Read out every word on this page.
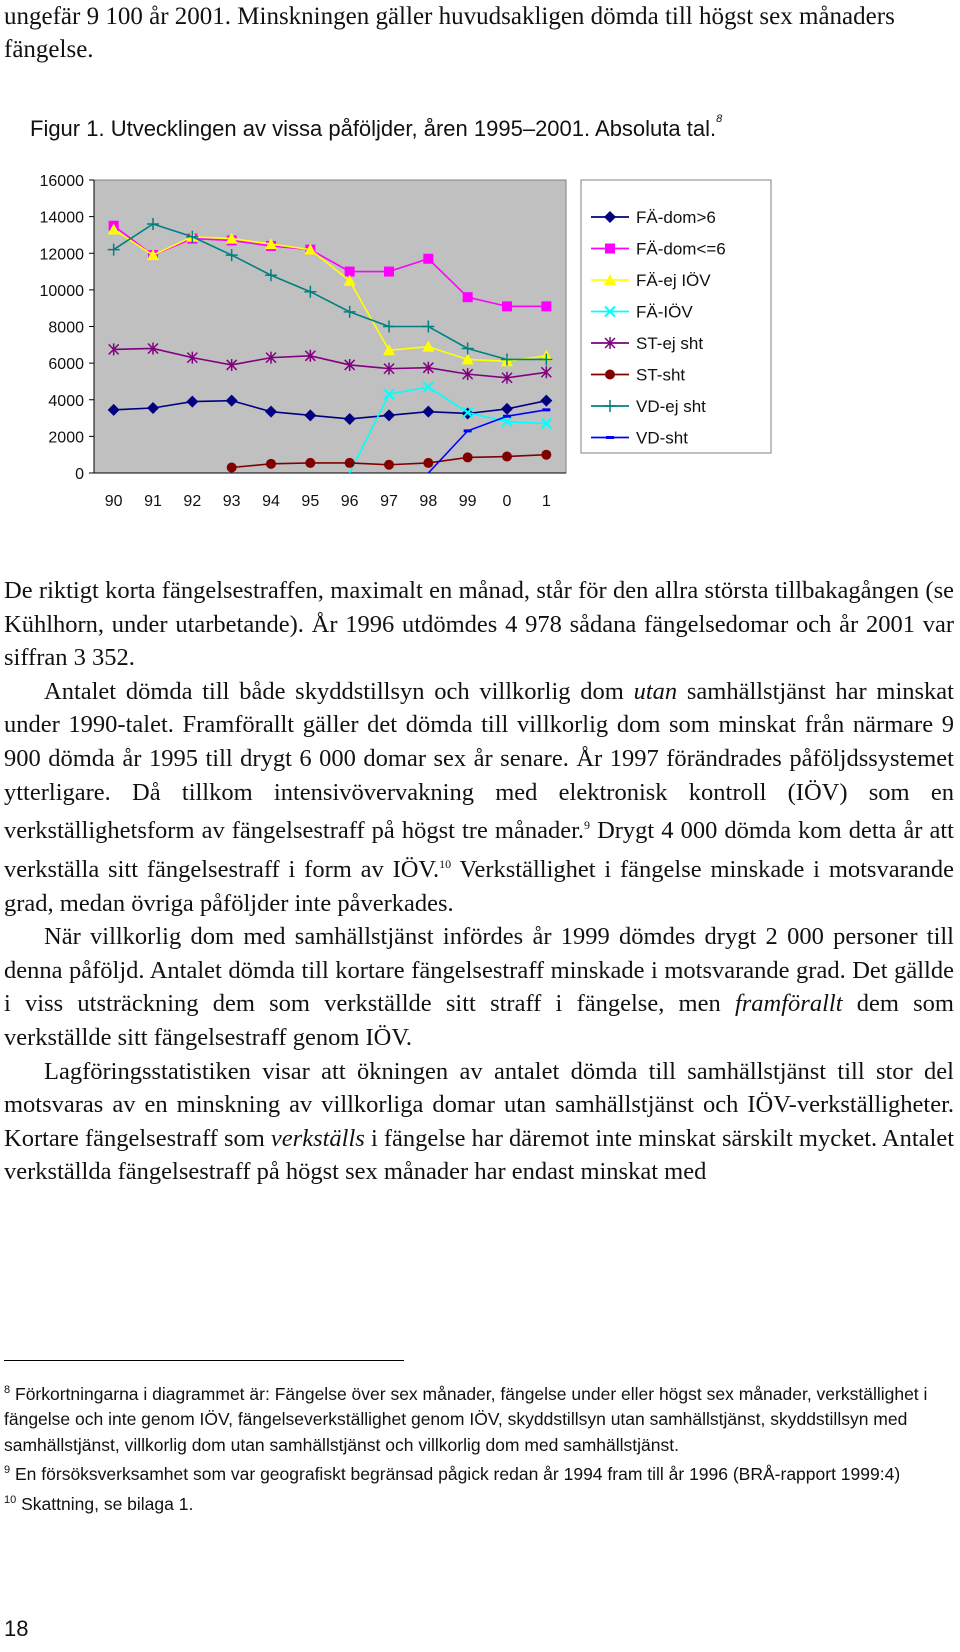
ungefär 9 100 år 2001. Minskningen gäller huvudsakligen dömda till högst sex månaders fängelse.
Figur 1. Utvecklingen av vissa påföljder, åren 1995–2001. Absoluta tal.$^8$
0
2000
4000
6000
8000
10000
12000
14000
16000
90 91 92 93 94 95 96 97 98 99 0 1
FÄ-dom>6
FÄ-dom<=6
FÄ-ej IÖV
FÄ-IÖV
ST-ej sht
ST-sht
VD-ej sht
VD-sht

De riktigt korta fängelsestraffen, maximalt en månad, står för den allra största tillbakagången (se Kühlhorn, under utarbetande). År 1996 utdömdes 4 978 sådana fängelsedomar och år 2001 var siffran 3 352.

Antalet dömda till både skyddstillsyn och villkorlig dom utan samhällstjänst har minskat under 1990-talet. Framförallt gäller det dömda till villkorlig dom som minskat från närmare 9 900 dömda år 1995 till drygt 6 000 domar sex år senare. År 1997 förändrades påföljdssystemet ytterligare. Då tillkom intensivövervakning med elektronisk kontroll (IÖV) som en verkställighetsform av fängelsestraff på högst tre månader.$^9$ Drygt 4 000 dömda kom detta år att verkställa sitt fängelsestraff i form av IÖV.$^{10}$ Verkställighet i fängelse minskade i motsvarande grad, medan övriga påföljder inte påverkades.

När villkorlig dom med samhällstjänst infördes år 1999 dömdes drygt 2 000 personer till denna påföljd. Antalet dömda till kortare fängelsestraff minskade i motsvarande grad. Det gällde i viss utsträckning dem som verkställde sitt straff i fängelse, men framförallt dem som verkställde sitt fängelsestraff genom IÖV.

Lagföringsstatistiken visar att ökningen av antalet dömda till samhällstjänst till stor del motsvaras av en minskning av villkorliga domar utan samhällstjänst och IÖV-verkställigheter. Kortare fängelsestraff som verkställs i fängelse har däremot inte minskat särskilt mycket. Antalet verkställda fängelsestraff på högst sex månader har endast minskat med

$^8$ Förkortningarna i diagrammet är: Fängelse över sex månader, fängelse under eller högst sex månader, verkställighet i fängelse och inte genom IÖV, fängelseverkställighet genom IÖV, skyddstillsyn utan samhällstjänst, skyddstillsyn med samhällstjänst, villkorlig dom utan samhällstjänst och villkorlig dom med samhällstjänst.

$^9$ En försöksverksamhet som var geografiskt begränsad pågick redan år 1994 fram till år 1996 (BRÅ-rapport 1999:4)

$^{10}$ Skattning, se bilaga 1.

18
